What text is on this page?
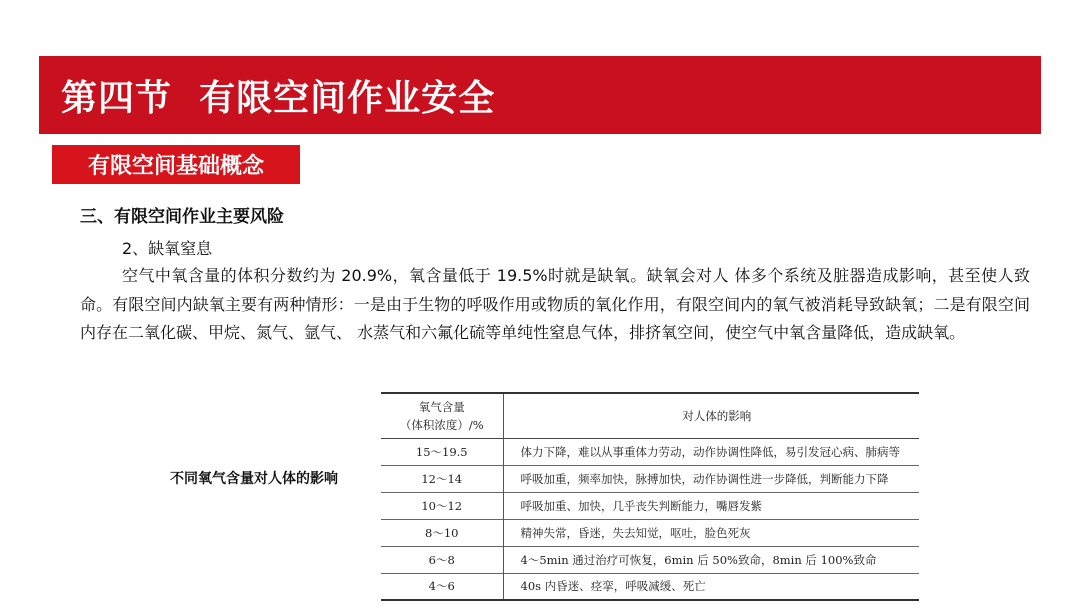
第四节  有限空间作业安全
有限空间基础概念
三、有限空间作业主要风险
2、缺氧窒息

空气中氧含量的体积分数约为 20.9%，氧含量低于 19.5%时就是缺氧。缺氧会对人 体多个系统及脏器造成影响，甚至使人致命。有限空间内缺氧主要有两种情形：一是由于生物的呼吸作用或物质的氧化作用，有限空间内的氧气被消耗导致缺氧；二是有限空间内存在二氧化碳、甲烷、氮气、氩气、 水蒸气和六氟化硫等单纯性窒息气体，排挤氧空间，使空气中氧含量降低，造成缺氧。

不同氧气含量对人体的影响
氧气含量
（体积浓度）/%	对人体的影响
15～19.5	体力下降，难以从事重体力劳动，动作协调性降低，易引发冠心病、肺病等
12～14	呼吸加重，频率加快，脉搏加快，动作协调性进一步降低，判断能力下降
10～12	呼吸加重、加快，几乎丧失判断能力，嘴唇发紫
8～10	精神失常，昏迷，失去知觉，呕吐，脸色死灰
6～8	4～5min 通过治疗可恢复，6min 后 50%致命，8min 后 100%致命
4～6	40s 内昏迷、痉挛，呼吸减缓、死亡
